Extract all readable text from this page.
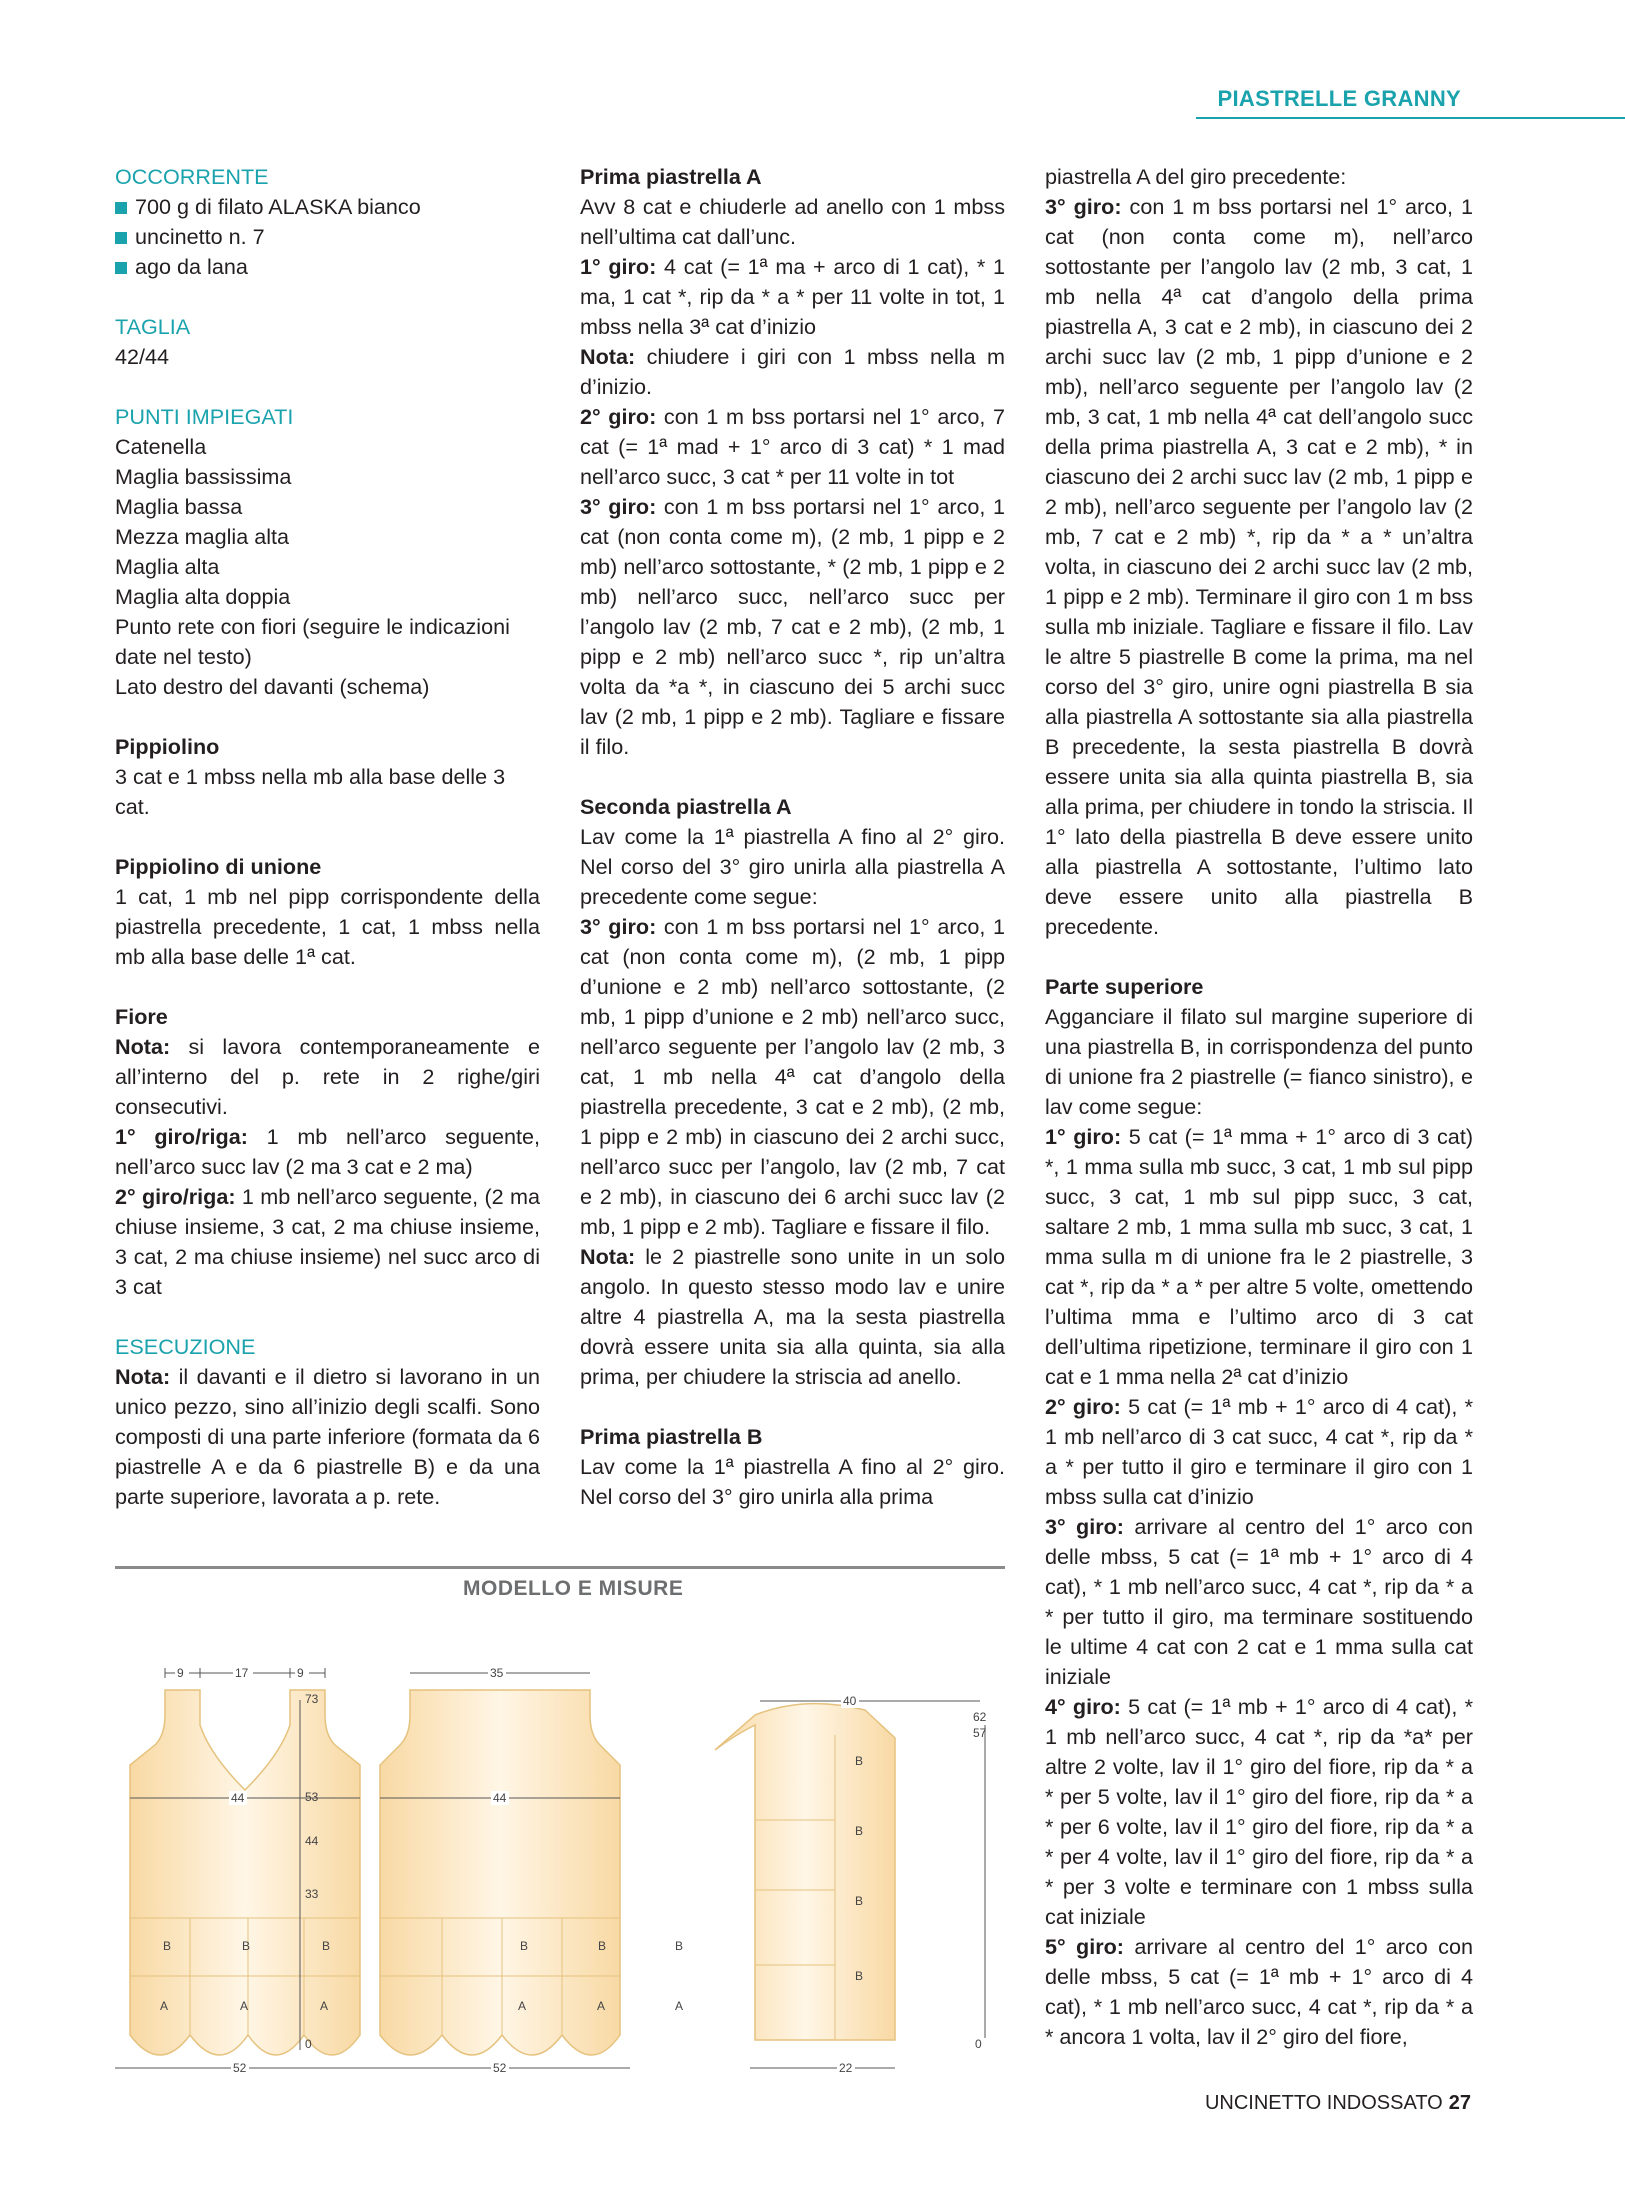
PIASTRELLE GRANNY
OCCORRENTE
700 g di filato ALASKA bianco
uncinetto n. 7
ago da lana
TAGLIA
42/44
PUNTI IMPIEGATI
Catenella
Maglia bassissima
Maglia bassa
Mezza maglia alta
Maglia alta
Maglia alta doppia
Punto rete con fiori (seguire le indicazioni date nel testo)
Lato destro del davanti (schema)
Pippiolino
3 cat e 1 mbss nella mb alla base delle 3 cat.
Pippiolino di unione
1 cat, 1 mb nel pipp corrispondente della piastrella precedente, 1 cat, 1 mbss nella mb alla base delle 1ª cat.
Fiore
Nota: si lavora contemporaneamente e all’interno del p. rete in 2 righe/giri consecutivi.
1° giro/riga: 1 mb nell’arco seguente, nell’arco succ lav (2 ma 3 cat e 2 ma)
2° giro/riga: 1 mb nell’arco seguente, (2 ma chiuse insieme, 3 cat, 2 ma chiuse insieme, 3 cat, 2 ma chiuse insieme) nel succ arco di 3 cat
ESECUZIONE
Nota: il davanti e il dietro si lavorano in un unico pezzo, sino all’inizio degli scalfi. Sono composti di una parte inferiore (formata da 6 piastrelle A e da 6 piastrelle B) e da una parte superiore, lavorata a p. rete.
Prima piastrella A
Avv 8 cat e chiuderle ad anello con 1 mbss nell’ultima cat dall’unc.
1° giro: 4 cat (= 1ª ma + arco di 1 cat), * 1 ma, 1 cat *, rip da * a * per 11 volte in tot, 1 mbss nella 3ª cat d’inizio
Nota: chiudere i giri con 1 mbss nella m d’inizio.
2° giro: con 1 m bss portarsi nel 1° arco, 7 cat (= 1ª mad + 1° arco di 3 cat) * 1 mad nell’arco succ, 3 cat * per 11 volte in tot
3° giro: con 1 m bss portarsi nel 1° arco, 1 cat (non conta come m), (2 mb, 1 pipp e 2 mb) nell’arco sottostante, * (2 mb, 1 pipp e 2 mb) nell’arco succ, nell’arco succ per l’angolo lav (2 mb, 7 cat e 2 mb), (2 mb, 1 pipp e 2 mb) nell’arco succ *, rip un’altra volta da *a *, in ciascuno dei 5 archi succ lav (2 mb, 1 pipp e 2 mb). Tagliare e fissare il filo.
Seconda piastrella A
Lav come la 1ª piastrella A fino al 2° giro. Nel corso del 3° giro unirla alla piastrella A precedente come segue:
3° giro: con 1 m bss portarsi nel 1° arco, 1 cat (non conta come m), (2 mb, 1 pipp d’unione e 2 mb) nell’arco sottostante, (2 mb, 1 pipp d’unione e 2 mb) nell’arco succ, nell’arco seguente per l’angolo lav (2 mb, 3 cat, 1 mb nella 4ª cat d’angolo della piastrella precedente, 3 cat e 2 mb), (2 mb, 1 pipp e 2 mb) in ciascuno dei 2 archi succ, nell’arco succ per l’angolo, lav (2 mb, 7 cat e 2 mb), in ciascuno dei 6 archi succ lav (2 mb, 1 pipp e 2 mb). Tagliare e fissare il filo.
Nota: le 2 piastrelle sono unite in un solo angolo. In questo stesso modo lav e unire altre 4 piastrella A, ma la sesta piastrella dovrà essere unita sia alla quinta, sia alla prima, per chiudere la striscia ad anello.
Prima piastrella B
Lav come la 1ª piastrella A fino al 2° giro. Nel corso del 3° giro unirla alla prima
piastrella A del giro precedente:
3° giro: con 1 m bss portarsi nel 1° arco, 1 cat (non conta come m), nell’arco sottostante per l’angolo lav (2 mb, 3 cat, 1 mb nella 4ª cat d’angolo della prima piastrella A, 3 cat e 2 mb), in ciascuno dei 2 archi succ lav (2 mb, 1 pipp d’unione e 2 mb), nell’arco seguente per l’angolo lav (2 mb, 3 cat, 1 mb nella 4ª cat dell’angolo succ della prima piastrella A, 3 cat e 2 mb), * in ciascuno dei 2 archi succ lav (2 mb, 1 pipp e 2 mb), nell’arco seguente per l’angolo lav (2 mb, 7 cat e 2 mb) *, rip da * a * un’altra volta, in ciascuno dei 2 archi succ lav (2 mb, 1 pipp e 2 mb). Terminare il giro con 1 m bss sulla mb iniziale. Tagliare e fissare il filo. Lav le altre 5 piastrelle B come la prima, ma nel corso del 3° giro, unire ogni piastrella B sia alla piastrella A sottostante sia alla piastrella B precedente, la sesta piastrella B dovrà essere unita sia alla quinta piastrella B, sia alla prima, per chiudere in tondo la striscia. Il 1° lato della piastrella B deve essere unito alla piastrella A sottostante, l’ultimo lato deve essere unito alla piastrella B precedente.
Parte superiore
Agganciare il filato sul margine superiore di una piastrella B, in corrispondenza del punto di unione fra 2 piastrelle (= fianco sinistro), e lav come segue:
1° giro: 5 cat (= 1ª mma + 1° arco di 3 cat) *, 1 mma sulla mb succ, 3 cat, 1 mb sul pipp succ, 3 cat, 1 mb sul pipp succ, 3 cat, saltare 2 mb, 1 mma sulla mb succ, 3 cat, 1 mma sulla m di unione fra le 2 piastrelle, 3 cat *, rip da * a * per altre 5 volte, omettendo l’ultima mma e l’ultimo arco di 3 cat dell’ultima ripetizione, terminare il giro con 1 cat e 1 mma nella 2ª cat d’inizio
2° giro: 5 cat (= 1ª mb + 1° arco di 4 cat), * 1 mb nell’arco di 3 cat succ, 4 cat *, rip da * a * per tutto il giro e terminare il giro con 1 mbss sulla cat d’inizio
3° giro: arrivare al centro del 1° arco con delle mbss, 5 cat (= 1ª mb + 1° arco di 4 cat), * 1 mb nell’arco succ, 4 cat *, rip da * a * per tutto il giro, ma terminare sostituendo le ultime 4 cat con 2 cat e 1 mma sulla cat iniziale
4° giro: 5 cat (= 1ª mb + 1° arco di 4 cat), * 1 mb nell’arco succ, 4 cat *, rip da *a* per altre 2 volte, lav il 1° giro del fiore, rip da * a * per 5 volte, lav il 1° giro del fiore, rip da * a * per 6 volte, lav il 1° giro del fiore, rip da * a * per 4 volte, lav il 1° giro del fiore, rip da * a * per 3 volte e terminare con 1 mbss sulla cat iniziale
5° giro: arrivare al centro del 1° arco con delle mbss, 5 cat (= 1ª mb + 1° arco di 4 cat), * 1 mb nell’arco succ, 4 cat *, rip da * a * ancora 1 volta, lav il 2° giro del fiore,
MODELLO E MISURE
B	B	B
A	A	A
9	17	9
73
53
44
33
0
44
52
B	B	B
A	A	A
35
44
52
B
B
B
B
40
62
57
0
22
UNCINETTO INDOSSATO 27
